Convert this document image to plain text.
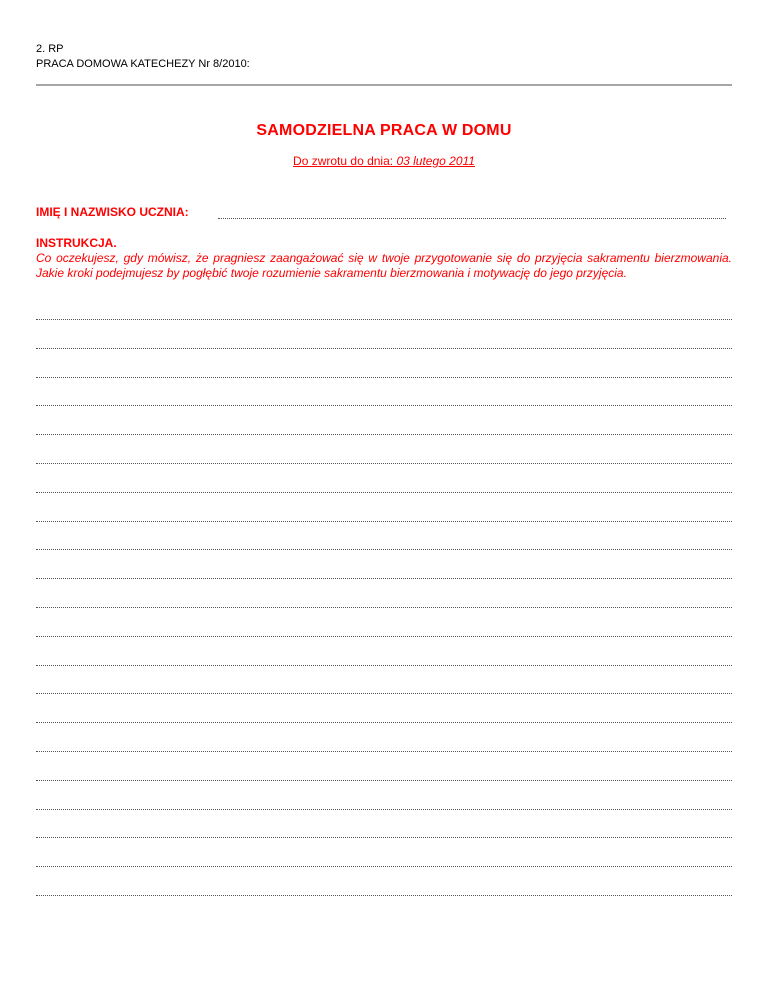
2. RP
PRACA DOMOWA KATECHEZY Nr 8/2010:
SAMODZIELNA PRACA W DOMU
Do zwrotu do dnia: 03 lutego 2011
IMIĘ I NAZWISKO UCZNIA:
INSTRUKCJA.
Co oczekujesz, gdy mówisz, że pragniesz zaangażować się w twoje przygotowanie się do przyjęcia sakramentu bierzmowania. Jakie kroki podejmujesz by pogłębić twoje rozumienie sakramentu bierzmowania i motywację do jego przyjęcia.
